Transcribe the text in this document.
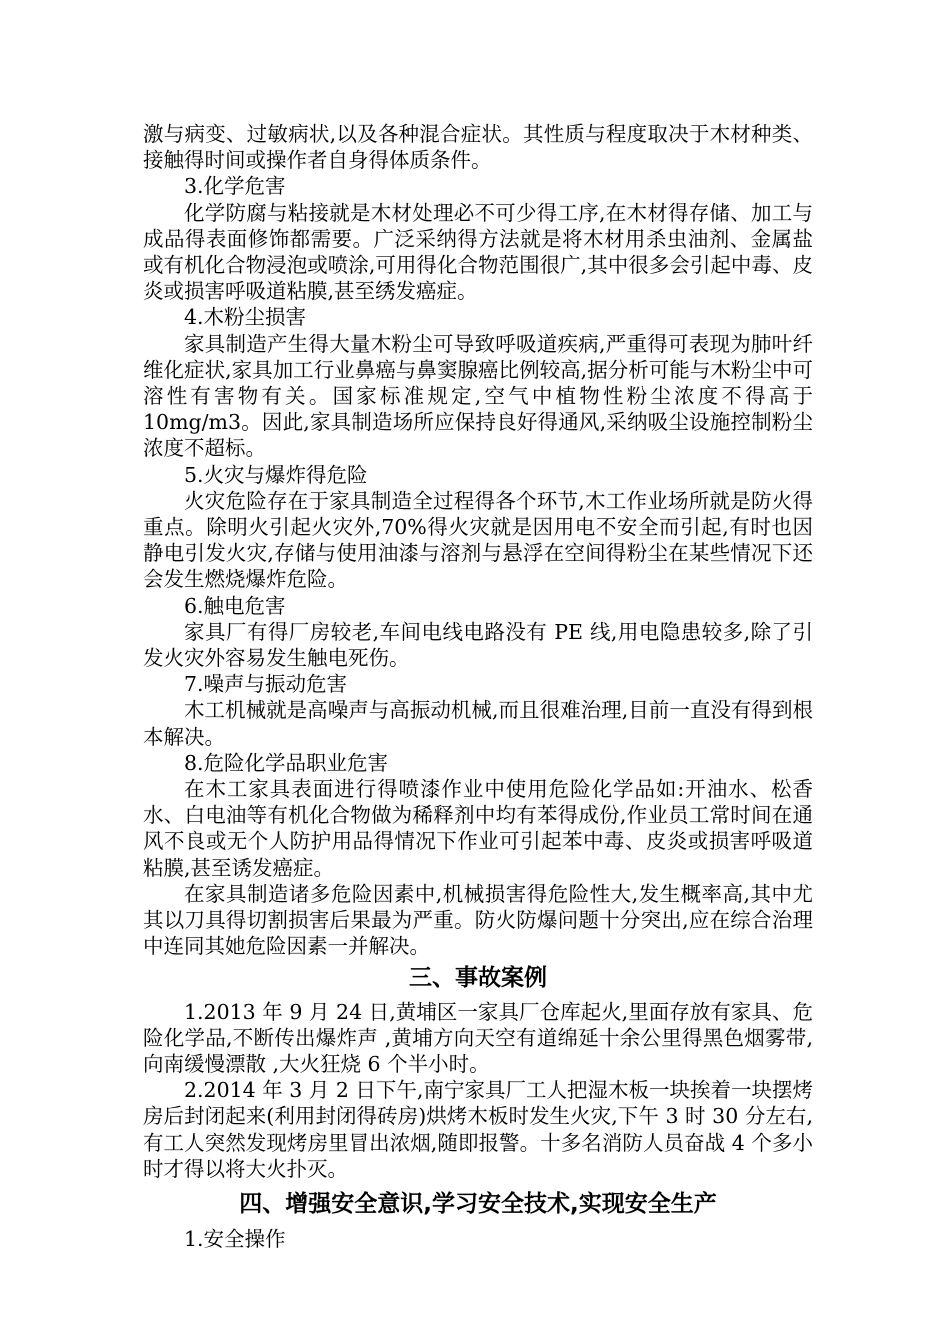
激与病变、过敏病状,以及各种混合症状。其性质与程度取决于木材种类、接触得时间或操作者自身得体质条件。

3.化学危害

化学防腐与粘接就是木材处理必不可少得工序,在木材得存储、加工与成品得表面修饰都需要。广泛采纳得方法就是将木材用杀虫油剂、金属盐或有机化合物浸泡或喷涂,可用得化合物范围很广,其中很多会引起中毒、皮炎或损害呼吸道粘膜,甚至绣发癌症。

4.木粉尘损害

家具制造产生得大量木粉尘可导致呼吸道疾病,严重得可表现为肺叶纤维化症状,家具加工行业鼻癌与鼻窦腺癌比例较高,据分析可能与木粉尘中可溶性有害物有关。国家标准规定,空气中植物性粉尘浓度不得高于 10mg/m3。因此,家具制造场所应保持良好得通风,采纳吸尘设施控制粉尘浓度不超标。

5.火灾与爆炸得危险

火灾危险存在于家具制造全过程得各个环节,木工作业场所就是防火得重点。除明火引起火灾外,70%得火灾就是因用电不安全而引起,有时也因静电引发火灾,存储与使用油漆与溶剂与悬浮在空间得粉尘在某些情况下还会发生燃烧爆炸危险。

6.触电危害

家具厂有得厂房较老,车间电线电路没有 PE 线,用电隐患较多,除了引发火灾外容易发生触电死伤。

7.噪声与振动危害

木工机械就是高噪声与高振动机械,而且很难治理,目前一直没有得到根本解决。

8.危险化学品职业危害

在木工家具表面进行得喷漆作业中使用危险化学品如:开油水、松香水、白电油等有机化合物做为稀释剂中均有苯得成份,作业员工常时间在通风不良或无个人防护用品得情况下作业可引起苯中毒、皮炎或损害呼吸道粘膜,甚至诱发癌症。

在家具制造诸多危险因素中,机械损害得危险性大,发生概率高,其中尤其以刀具得切割损害后果最为严重。防火防爆问题十分突出,应在综合治理中连同其她危险因素一并解决。

三、事故案例

1.2013 年 9 月 24 日,黄埔区一家具厂仓库起火,里面存放有家具、危险化学品,不断传出爆炸声 ,黄埔方向天空有道绵延十余公里得黑色烟雾带,向南缓慢漂散 ,大火狂烧 6 个半小时。

2.2014 年 3 月 2 日下午,南宁家具厂工人把湿木板一块挨着一块摆烤房后封闭起来(利用封闭得砖房)烘烤木板时发生火灾,下午 3 时 30 分左右,有工人突然发现烤房里冒出浓烟,随即报警。十多名消防人员奋战 4 个多小时才得以将大火扑灭。

四、增强安全意识,学习安全技术,实现安全生产

1.安全操作
